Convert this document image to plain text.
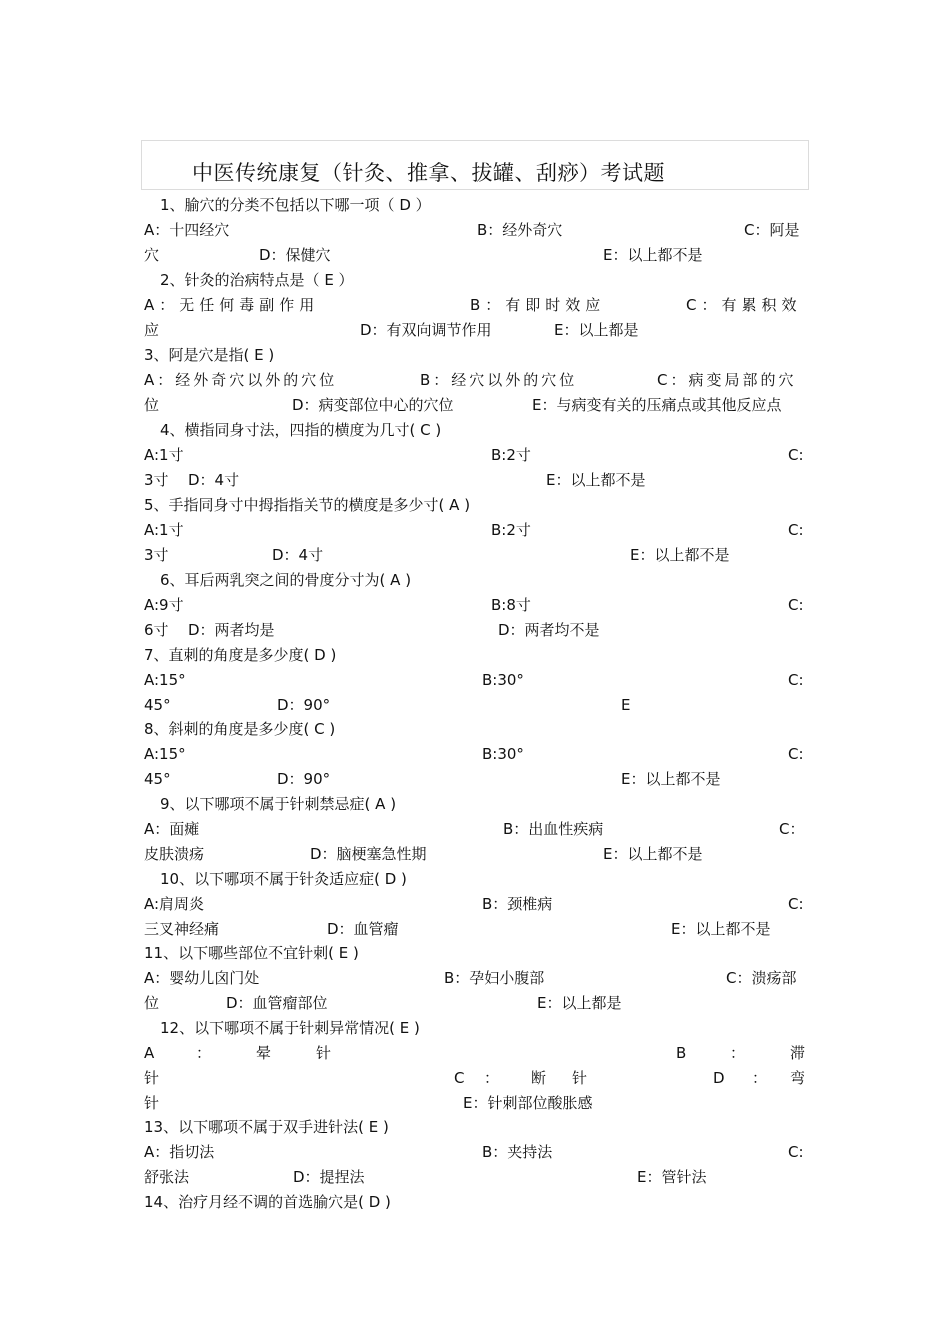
中医传统康复（针灸、推拿、拔罐、刮痧）考试题
1、腧穴的分类不包括以下哪一项（ D ）
A：十四经穴	B：经外奇穴	C：阿是
穴	D：保健穴	E：以上都不是
2、针灸的治病特点是（ E ）
A：无任何毒副作用	B：有即时效应	C：有累积效
应	D：有双向调节作用	E：以上都是
3、阿是穴是指( E )
A：经外奇穴以外的穴位	B：经穴以外的穴位	C：病变局部的穴
位	D：病变部位中心的穴位	E：与病变有关的压痛点或其他反应点
4、横指同身寸法，四指的横度为几寸( C )
A:1寸	B:2寸	C:
3寸 D：4寸	E：以上都不是
5、手指同身寸中拇指指关节的横度是多少寸( A )
A:1寸	B:2寸	C:
3寸	D：4寸	E：以上都不是
6、耳后两乳突之间的骨度分寸为( A )
A:9寸	B:8寸	C:
6寸 D：两者均是	D：两者均不是
7、直刺的角度是多少度( D )
A:15°	B:30°	C:
45°	D：90°	E
8、斜刺的角度是多少度( C )
A:15°	B:30°	C:
45°	D：90°	E：以上都不是
9、以下哪项不属于针刺禁忌症( A )
A：面瘫	B：出血性疾病	C：
皮肤溃疡	D：脑梗塞急性期	E：以上都不是
10、以下哪项不属于针灸适应症( D )
A:肩周炎	B：颈椎病	C:
三叉神经痛	D：血管瘤	E：以上都不是
11、以下哪些部位不宜针刺( E )
A：婴幼儿囟门处	B：孕妇小腹部	C：溃疡部
位	D：血管瘤部位	E：以上都是
12、以下哪项不属于针刺异常情况( E )
A	：	晕	针	B	：	滞
针	C ： 断 针	D ： 弯
针	E：针刺部位酸胀感
13、以下哪项不属于双手进针法( E )
A：指切法	B：夹持法	C:
舒张法	D：提捏法	E：管针法
14、治疗月经不调的首选腧穴是( D )
